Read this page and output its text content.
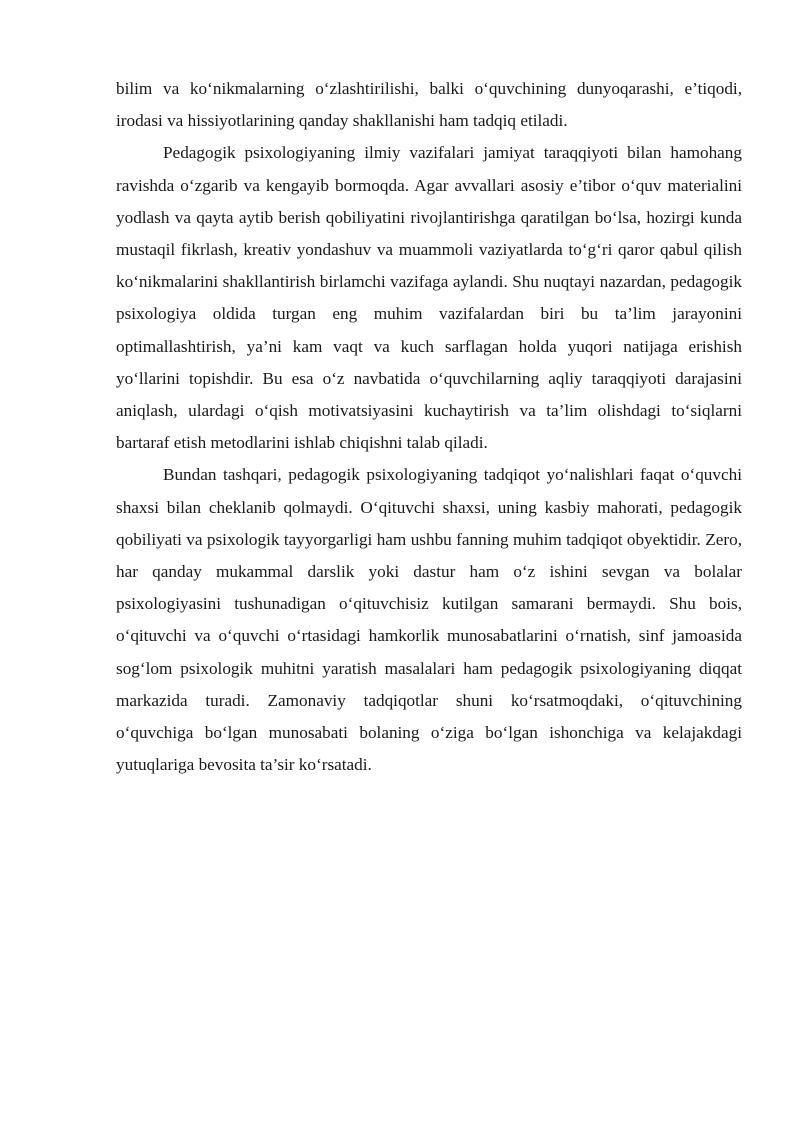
bilim va ko‘nikmalarning o‘zlashtirilishi, balki o‘quvchining dunyoqarashi, e’tiqodi, irodasi va hissiyotlarining qanday shakllanishi ham tadqiq etiladi.

Pedagogik psixologiyaning ilmiy vazifalari jamiyat taraqqiyoti bilan hamohang ravishda o‘zgarib va kengayib bormoqda. Agar avvallari asosiy e’tibor o‘quv materialini yodlash va qayta aytib berish qobiliyatini rivojlantirishga qaratilgan bo‘lsa, hozirgi kunda mustaqil fikrlash, kreativ yondashuv va muammoli vaziyatlarda to‘g‘ri qaror qabul qilish ko‘nikmalarini shakllantirish birlamchi vazifaga aylandi. Shu nuqtayi nazardan, pedagogik psixologiya oldida turgan eng muhim vazifalardan biri bu ta’lim jarayonini optimallashtirish, ya’ni kam vaqt va kuch sarflagan holda yuqori natijaga erishish yo‘llarini topishdir. Bu esa o‘z navbatida o‘quvchilarning aqliy taraqqiyoti darajasini aniqlash, ulardagi o‘qish motivatsiyasini kuchaytirish va ta’lim olishdagi to‘siqlarni bartaraf etish metodlarini ishlab chiqishni talab qiladi.

Bundan tashqari, pedagogik psixologiyaning tadqiqot yo‘nalishlari faqat o‘quvchi shaxsi bilan cheklanib qolmaydi. O‘qituvchi shaxsi, uning kasbiy mahorati, pedagogik qobiliyati va psixologik tayyorgarligi ham ushbu fanning muhim tadqiqot obyektidir. Zero, har qanday mukammal darslik yoki dastur ham o‘z ishini sevgan va bolalar psixologiyasini tushunadigan o‘qituvchisiz kutilgan samarani bermaydi. Shu bois, o‘qituvchi va o‘quvchi o‘rtasidagi hamkorlik munosabatlarini o‘rnatish, sinf jamoasida sog‘lom psixologik muhitni yaratish masalalari ham pedagogik psixologiyaning diqqat markazida turadi. Zamonaviy tadqiqotlar shuni ko‘rsatmoqdaki, o‘qituvchining o‘quvchiga bo‘lgan munosabati bolaning o‘ziga bo‘lgan ishonchiga va kelajakdagi yutuqlariga bevosita ta’sir ko‘rsatadi.
